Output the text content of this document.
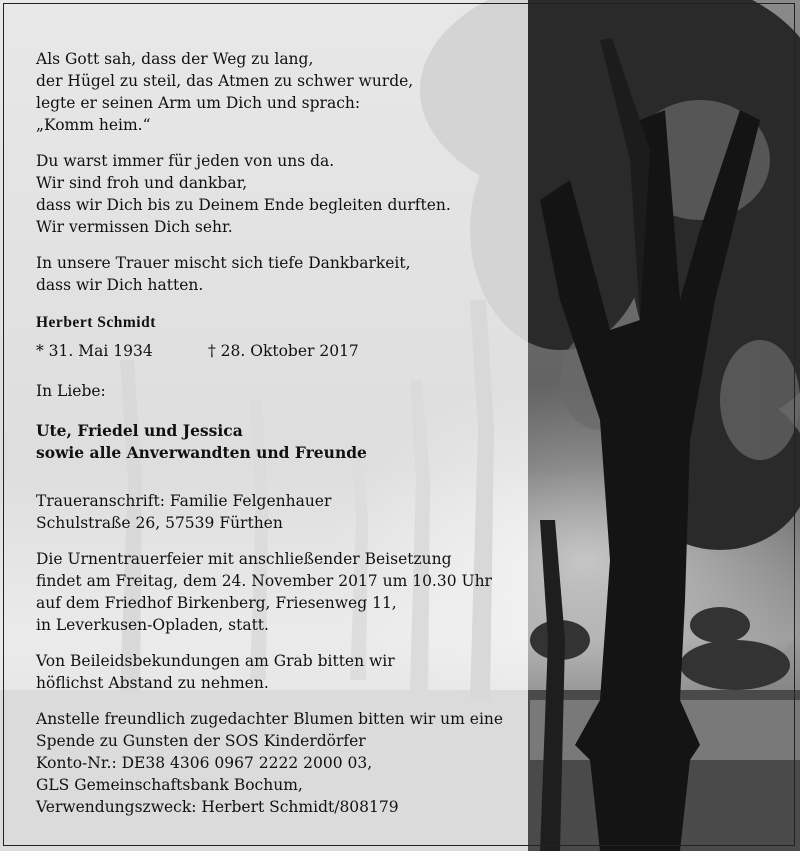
Als Gott sah, dass der Weg zu lang,

der Hügel zu steil, das Atmen zu schwer wurde,

legte er seinen Arm um Dich und sprach:

„Komm heim.“

Du warst immer für jeden von uns da.

Wir sind froh und dankbar,

dass wir Dich bis zu Deinem Ende begleiten durften.

Wir vermissen Dich sehr.

In unsere Trauer mischt sich tiefe Dankbarkeit,

dass wir Dich hatten.

Herbert Schmidt

* 31. Mai 1934	† 28. Oktober 2017

In Liebe:

Ute, Friedel und Jessica

sowie alle Anverwandten und Freunde

Traueranschrift: Familie Felgenhauer

Schulstraße 26, 57539 Fürthen

Die Urnentrauerfeier mit anschließender Beisetzung

findet am Freitag, dem 24. November 2017 um 10.30 Uhr

auf dem Friedhof Birkenberg, Friesenweg 11,

in Leverkusen-Opladen, statt.

Von Beileidsbekundungen am Grab bitten wir

höflichst Abstand zu nehmen.

Anstelle freundlich zugedachter Blumen bitten wir um eine

Spende zu Gunsten der SOS Kinderdörfer

Konto-Nr.: DE38 4306 0967 2222 2000 03,

GLS Gemeinschaftsbank Bochum,

Verwendungszweck: Herbert Schmidt/808179
